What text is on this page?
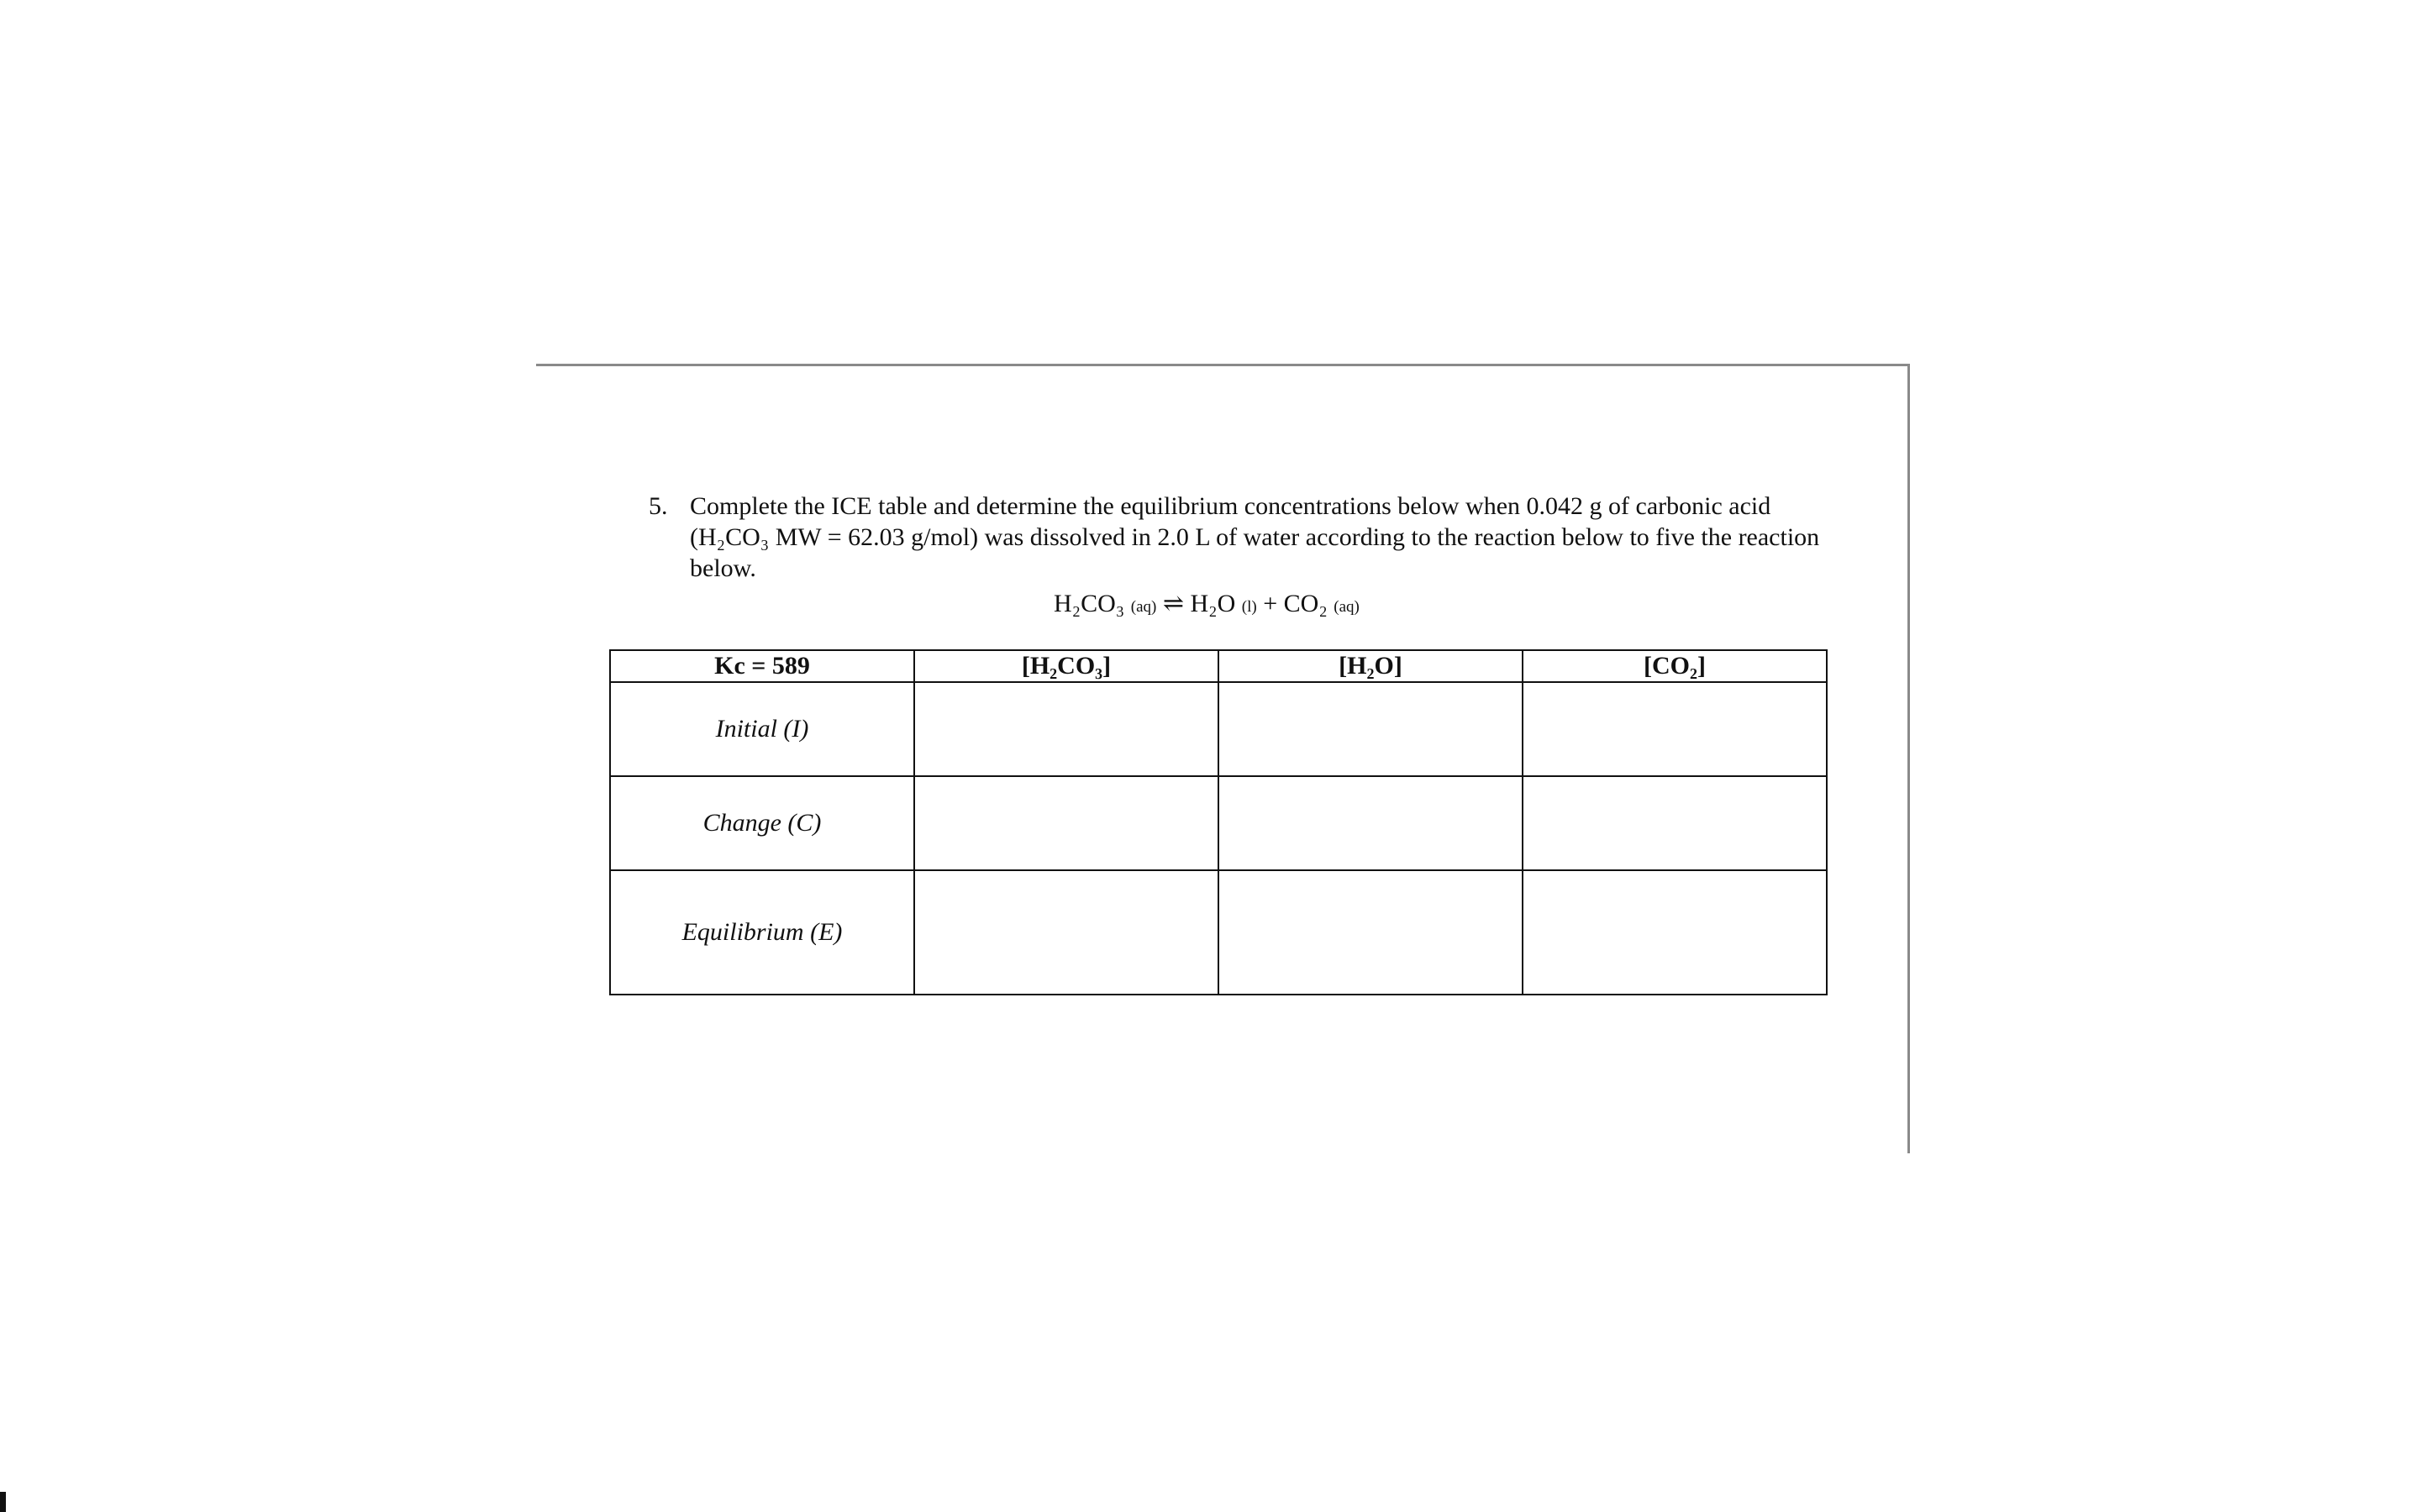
5. Complete the ICE table and determine the equilibrium concentrations below when 0.042 g of carbonic acid (H₂CO₃ MW = 62.03 g/mol) was dissolved in 2.0 L of water according to the reaction below to five the reaction below.
H₂CO₃ (aq) ⇌ H₂O (l) + CO₂ (aq)
Kc = 589	[H₂CO₃]	[H₂O]	[CO₂]
Initial (I)			
Change (C)			
Equilibrium (E)			
